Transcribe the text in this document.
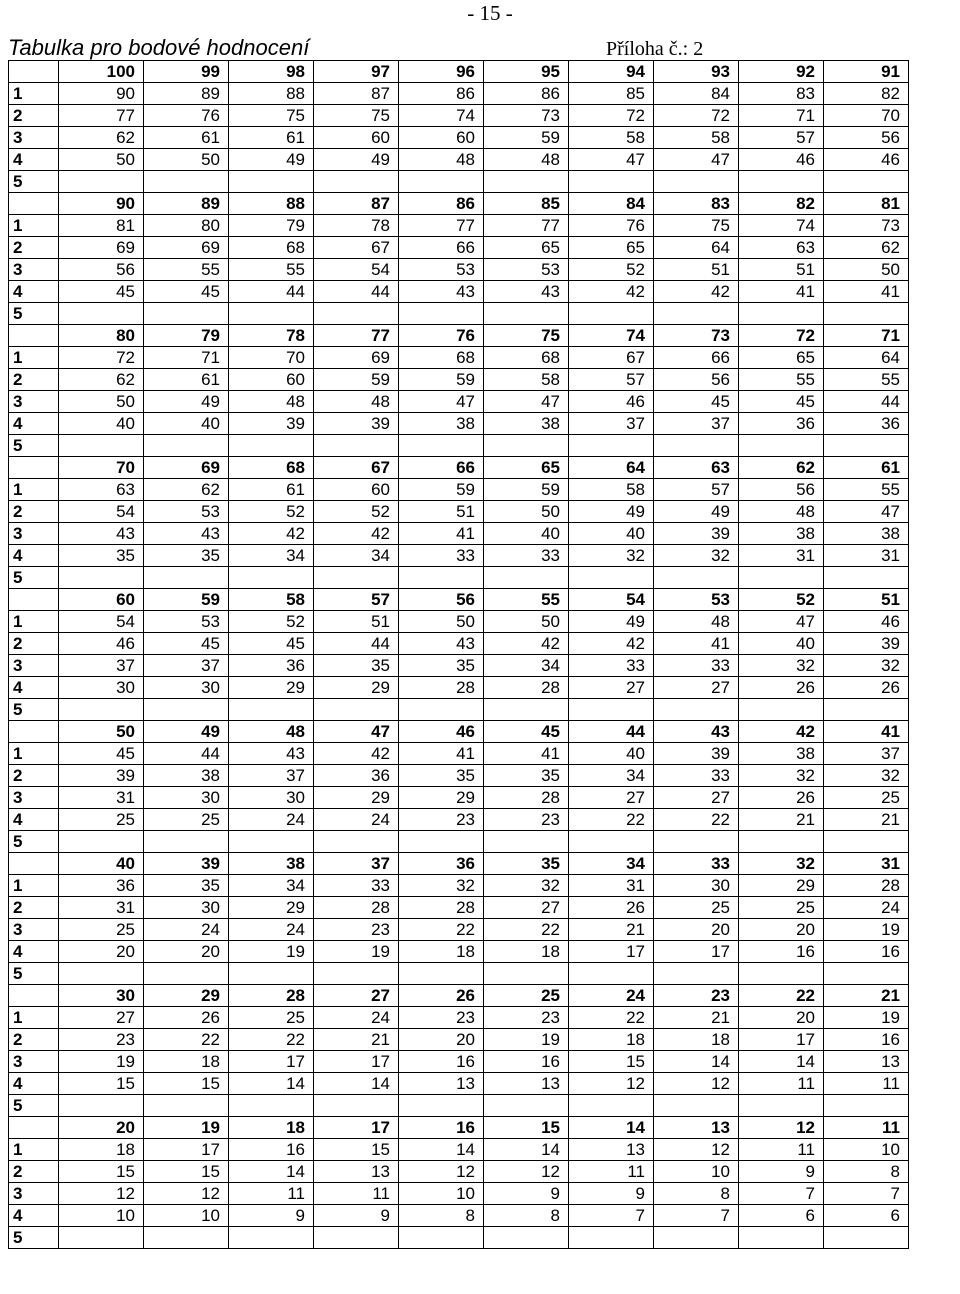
- 15 -
Tabulka pro bodové hodnocení	Příloha č.: 2
	100	99	98	97	96	95	94	93	92	91
1	90	89	88	87	86	86	85	84	83	82
2	77	76	75	75	74	73	72	72	71	70
3	62	61	61	60	60	59	58	58	57	56
4	50	50	49	49	48	48	47	47	46	46
5										
	90	89	88	87	86	85	84	83	82	81
1	81	80	79	78	77	77	76	75	74	73
2	69	69	68	67	66	65	65	64	63	62
3	56	55	55	54	53	53	52	51	51	50
4	45	45	44	44	43	43	42	42	41	41
5										
	80	79	78	77	76	75	74	73	72	71
1	72	71	70	69	68	68	67	66	65	64
2	62	61	60	59	59	58	57	56	55	55
3	50	49	48	48	47	47	46	45	45	44
4	40	40	39	39	38	38	37	37	36	36
5										
	70	69	68	67	66	65	64	63	62	61
1	63	62	61	60	59	59	58	57	56	55
2	54	53	52	52	51	50	49	49	48	47
3	43	43	42	42	41	40	40	39	38	38
4	35	35	34	34	33	33	32	32	31	31
5										
	60	59	58	57	56	55	54	53	52	51
1	54	53	52	51	50	50	49	48	47	46
2	46	45	45	44	43	42	42	41	40	39
3	37	37	36	35	35	34	33	33	32	32
4	30	30	29	29	28	28	27	27	26	26
5										
	50	49	48	47	46	45	44	43	42	41
1	45	44	43	42	41	41	40	39	38	37
2	39	38	37	36	35	35	34	33	32	32
3	31	30	30	29	29	28	27	27	26	25
4	25	25	24	24	23	23	22	22	21	21
5										
	40	39	38	37	36	35	34	33	32	31
1	36	35	34	33	32	32	31	30	29	28
2	31	30	29	28	28	27	26	25	25	24
3	25	24	24	23	22	22	21	20	20	19
4	20	20	19	19	18	18	17	17	16	16
5										
	30	29	28	27	26	25	24	23	22	21
1	27	26	25	24	23	23	22	21	20	19
2	23	22	22	21	20	19	18	18	17	16
3	19	18	17	17	16	16	15	14	14	13
4	15	15	14	14	13	13	12	12	11	11
5										
	20	19	18	17	16	15	14	13	12	11
1	18	17	16	15	14	14	13	12	11	10
2	15	15	14	13	12	12	11	10	9	8
3	12	12	11	11	10	9	9	8	7	7
4	10	10	9	9	8	8	7	7	6	6
5										
